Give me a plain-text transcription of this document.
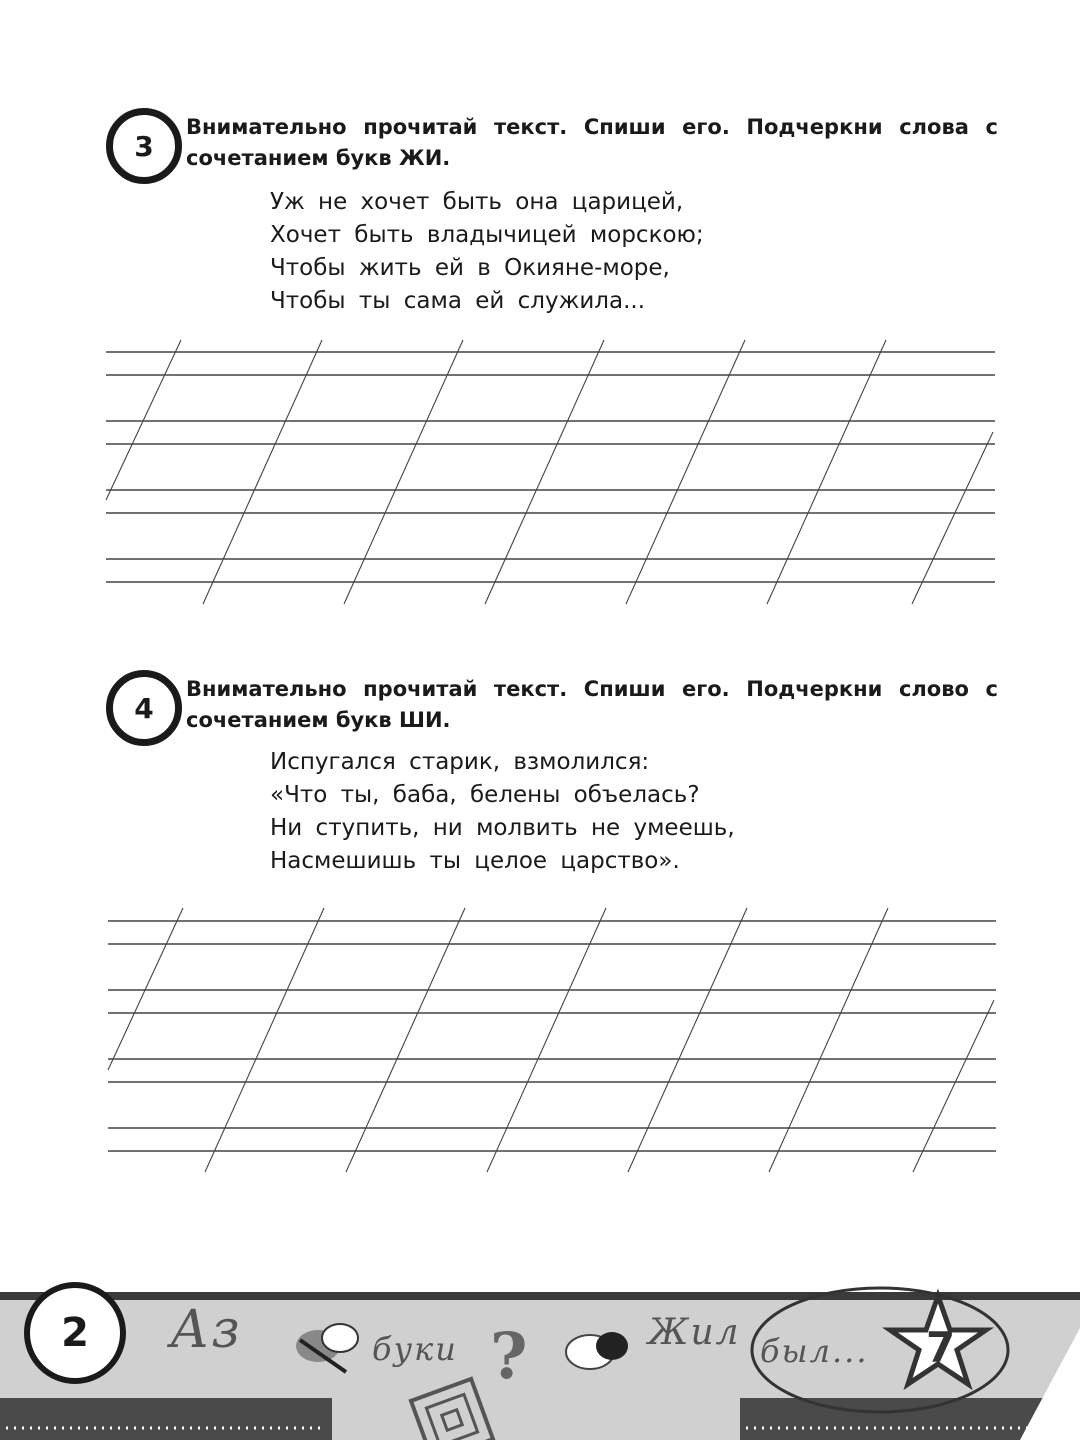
3
Внимательно прочитай текст. Спиши его. Подчеркни слова с сочетанием букв ЖИ.
Уж не хочет быть она царицей,
Хочет быть владычицей морскою;
Чтобы жить ей в Окияне-море,
Чтобы ты сама ей служила...
4
Внимательно прочитай текст. Спиши его. Подчеркни слово с сочетанием букв ШИ.
Испугался старик, взмолился:
«Что ты, баба, белены объелась?
Ни ступить, ни молвить не умеешь,
Насмешишь ты целое царство».
?	7
Аз	буки	Жил был...
2
